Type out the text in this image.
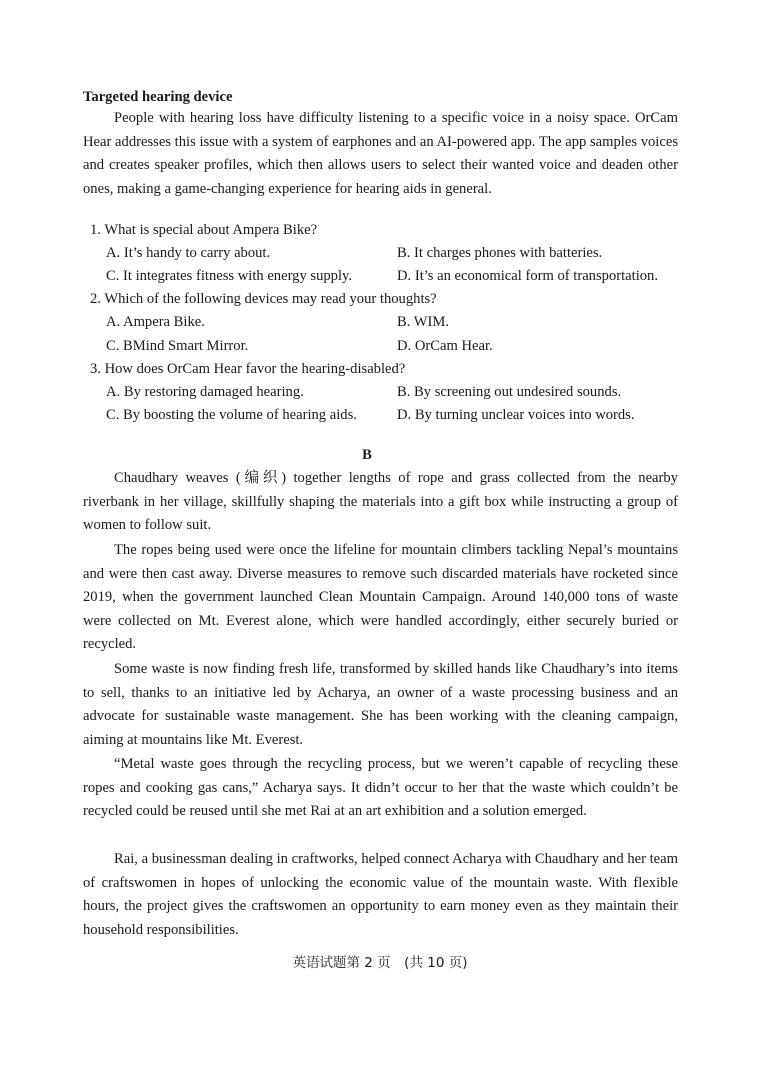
Targeted hearing device
People with hearing loss have difficulty listening to a specific voice in a noisy space. OrCam Hear addresses this issue with a system of earphones and an AI-powered app. The app samples voices and creates speaker profiles, which then allows users to select their wanted voice and deaden other ones, making a game-changing experience for hearing aids in general.
1. What is special about Ampera Bike?
A. It’s handy to carry about.	B. It charges phones with batteries.
C. It integrates fitness with energy supply.	D. It’s an economical form of transportation.
2. Which of the following devices may read your thoughts?
A. Ampera Bike.	B. WIM.
C. BMind Smart Mirror.	D. OrCam Hear.
3. How does OrCam Hear favor the hearing-disabled?
A. By restoring damaged hearing.	B. By screening out undesired sounds.
C. By boosting the volume of hearing aids.	D. By turning unclear voices into words.
B
Chaudhary weaves (编织) together lengths of rope and grass collected from the nearby riverbank in her village, skillfully shaping the materials into a gift box while instructing a group of women to follow suit.
The ropes being used were once the lifeline for mountain climbers tackling Nepal’s mountains and were then cast away. Diverse measures to remove such discarded materials have rocketed since 2019, when the government launched Clean Mountain Campaign. Around 140,000 tons of waste were collected on Mt. Everest alone, which were handled accordingly, either securely buried or recycled.
Some waste is now finding fresh life, transformed by skilled hands like Chaudhary’s into items to sell, thanks to an initiative led by Acharya, an owner of a waste processing business and an advocate for sustainable waste management. She has been working with the cleaning campaign, aiming at mountains like Mt. Everest.
“Metal waste goes through the recycling process, but we weren’t capable of recycling these ropes and cooking gas cans,” Acharya says. It didn’t occur to her that the waste which couldn’t be recycled could be reused until she met Rai at an art exhibition and a solution emerged.
Rai, a businessman dealing in craftworks, helped connect Acharya with Chaudhary and her team of craftswomen in hopes of unlocking the economic value of the mountain waste. With flexible hours, the project gives the craftswomen an opportunity to earn money even as they maintain their household responsibilities.
英语试题第 2 页　(共 10 页)
